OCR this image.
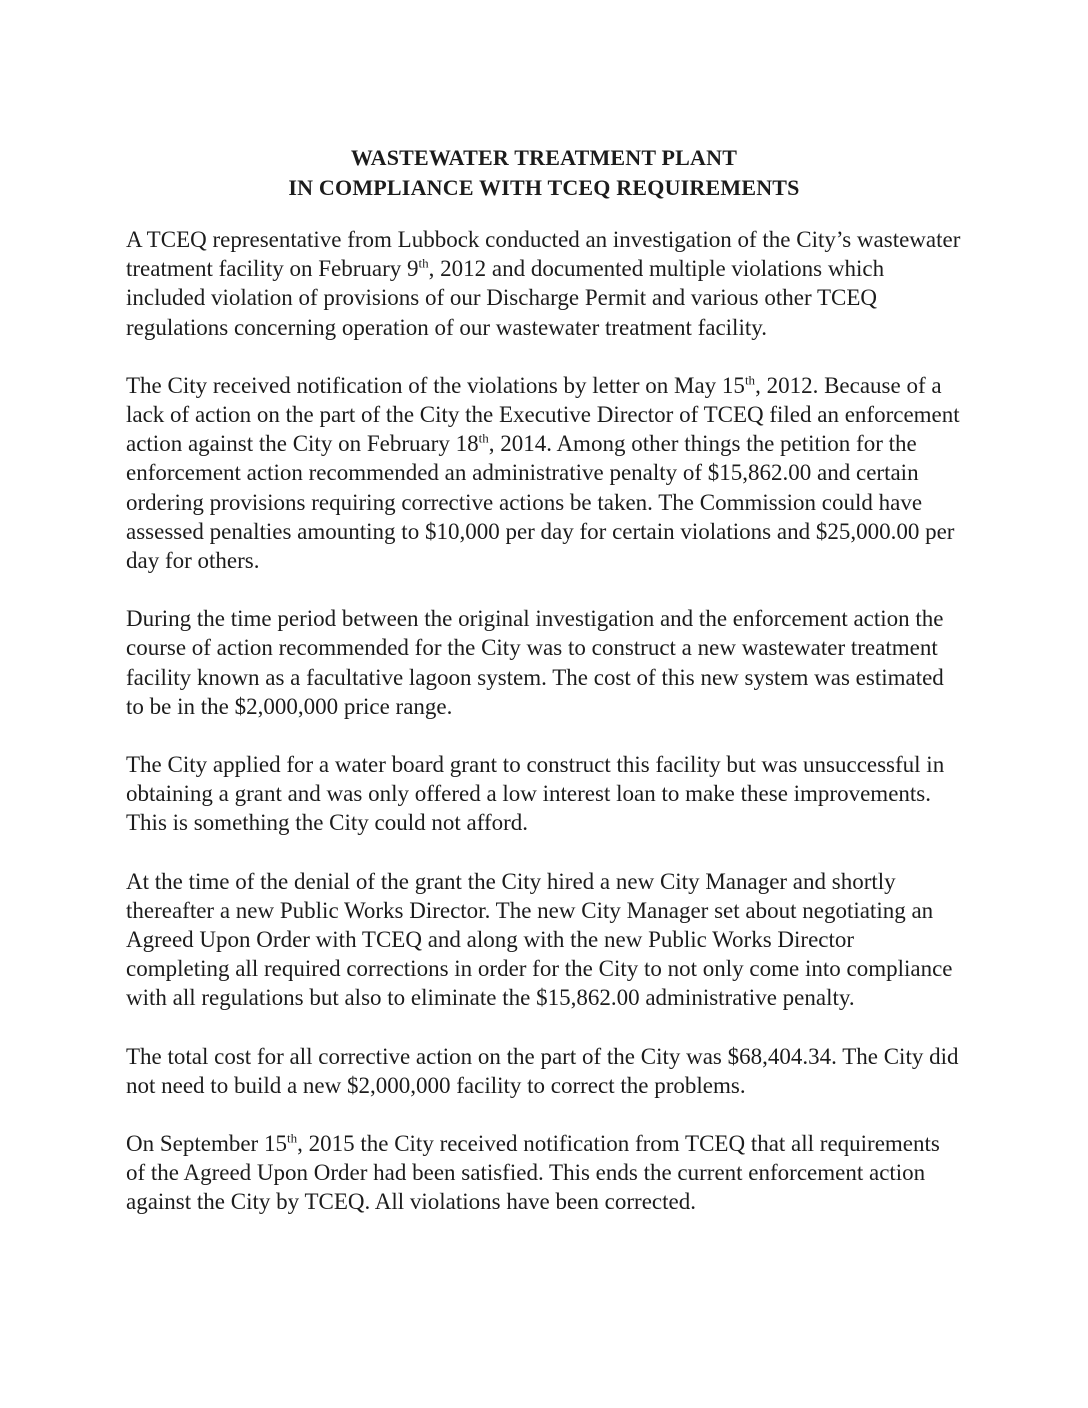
WASTEWATER TREATMENT PLANT
IN COMPLIANCE WITH TCEQ REQUIREMENTS

A TCEQ representative from Lubbock conducted an investigation of the City’s wastewater treatment facility on February 9th, 2012 and documented multiple violations which included violation of provisions of our Discharge Permit and various other TCEQ regulations concerning operation of our wastewater treatment facility.

The City received notification of the violations by letter on May 15th, 2012. Because of a lack of action on the part of the City the Executive Director of TCEQ filed an enforcement action against the City on February 18th, 2014. Among other things the petition for the enforcement action recommended an administrative penalty of $15,862.00 and certain ordering provisions requiring corrective actions be taken. The Commission could have assessed penalties amounting to $10,000 per day for certain violations and $25,000.00 per day for others.

During the time period between the original investigation and the enforcement action the course of action recommended for the City was to construct a new wastewater treatment facility known as a facultative lagoon system. The cost of this new system was estimated to be in the $2,000,000 price range.

The City applied for a water board grant to construct this facility but was unsuccessful in obtaining a grant and was only offered a low interest loan to make these improvements. This is something the City could not afford.

At the time of the denial of the grant the City hired a new City Manager and shortly thereafter a new Public Works Director. The new City Manager set about negotiating an Agreed Upon Order with TCEQ and along with the new Public Works Director completing all required corrections in order for the City to not only come into compliance with all regulations but also to eliminate the $15,862.00 administrative penalty.

The total cost for all corrective action on the part of the City was $68,404.34. The City did not need to build a new $2,000,000 facility to correct the problems.

On September 15th, 2015 the City received notification from TCEQ that all requirements of the Agreed Upon Order had been satisfied. This ends the current enforcement action against the City by TCEQ. All violations have been corrected.
